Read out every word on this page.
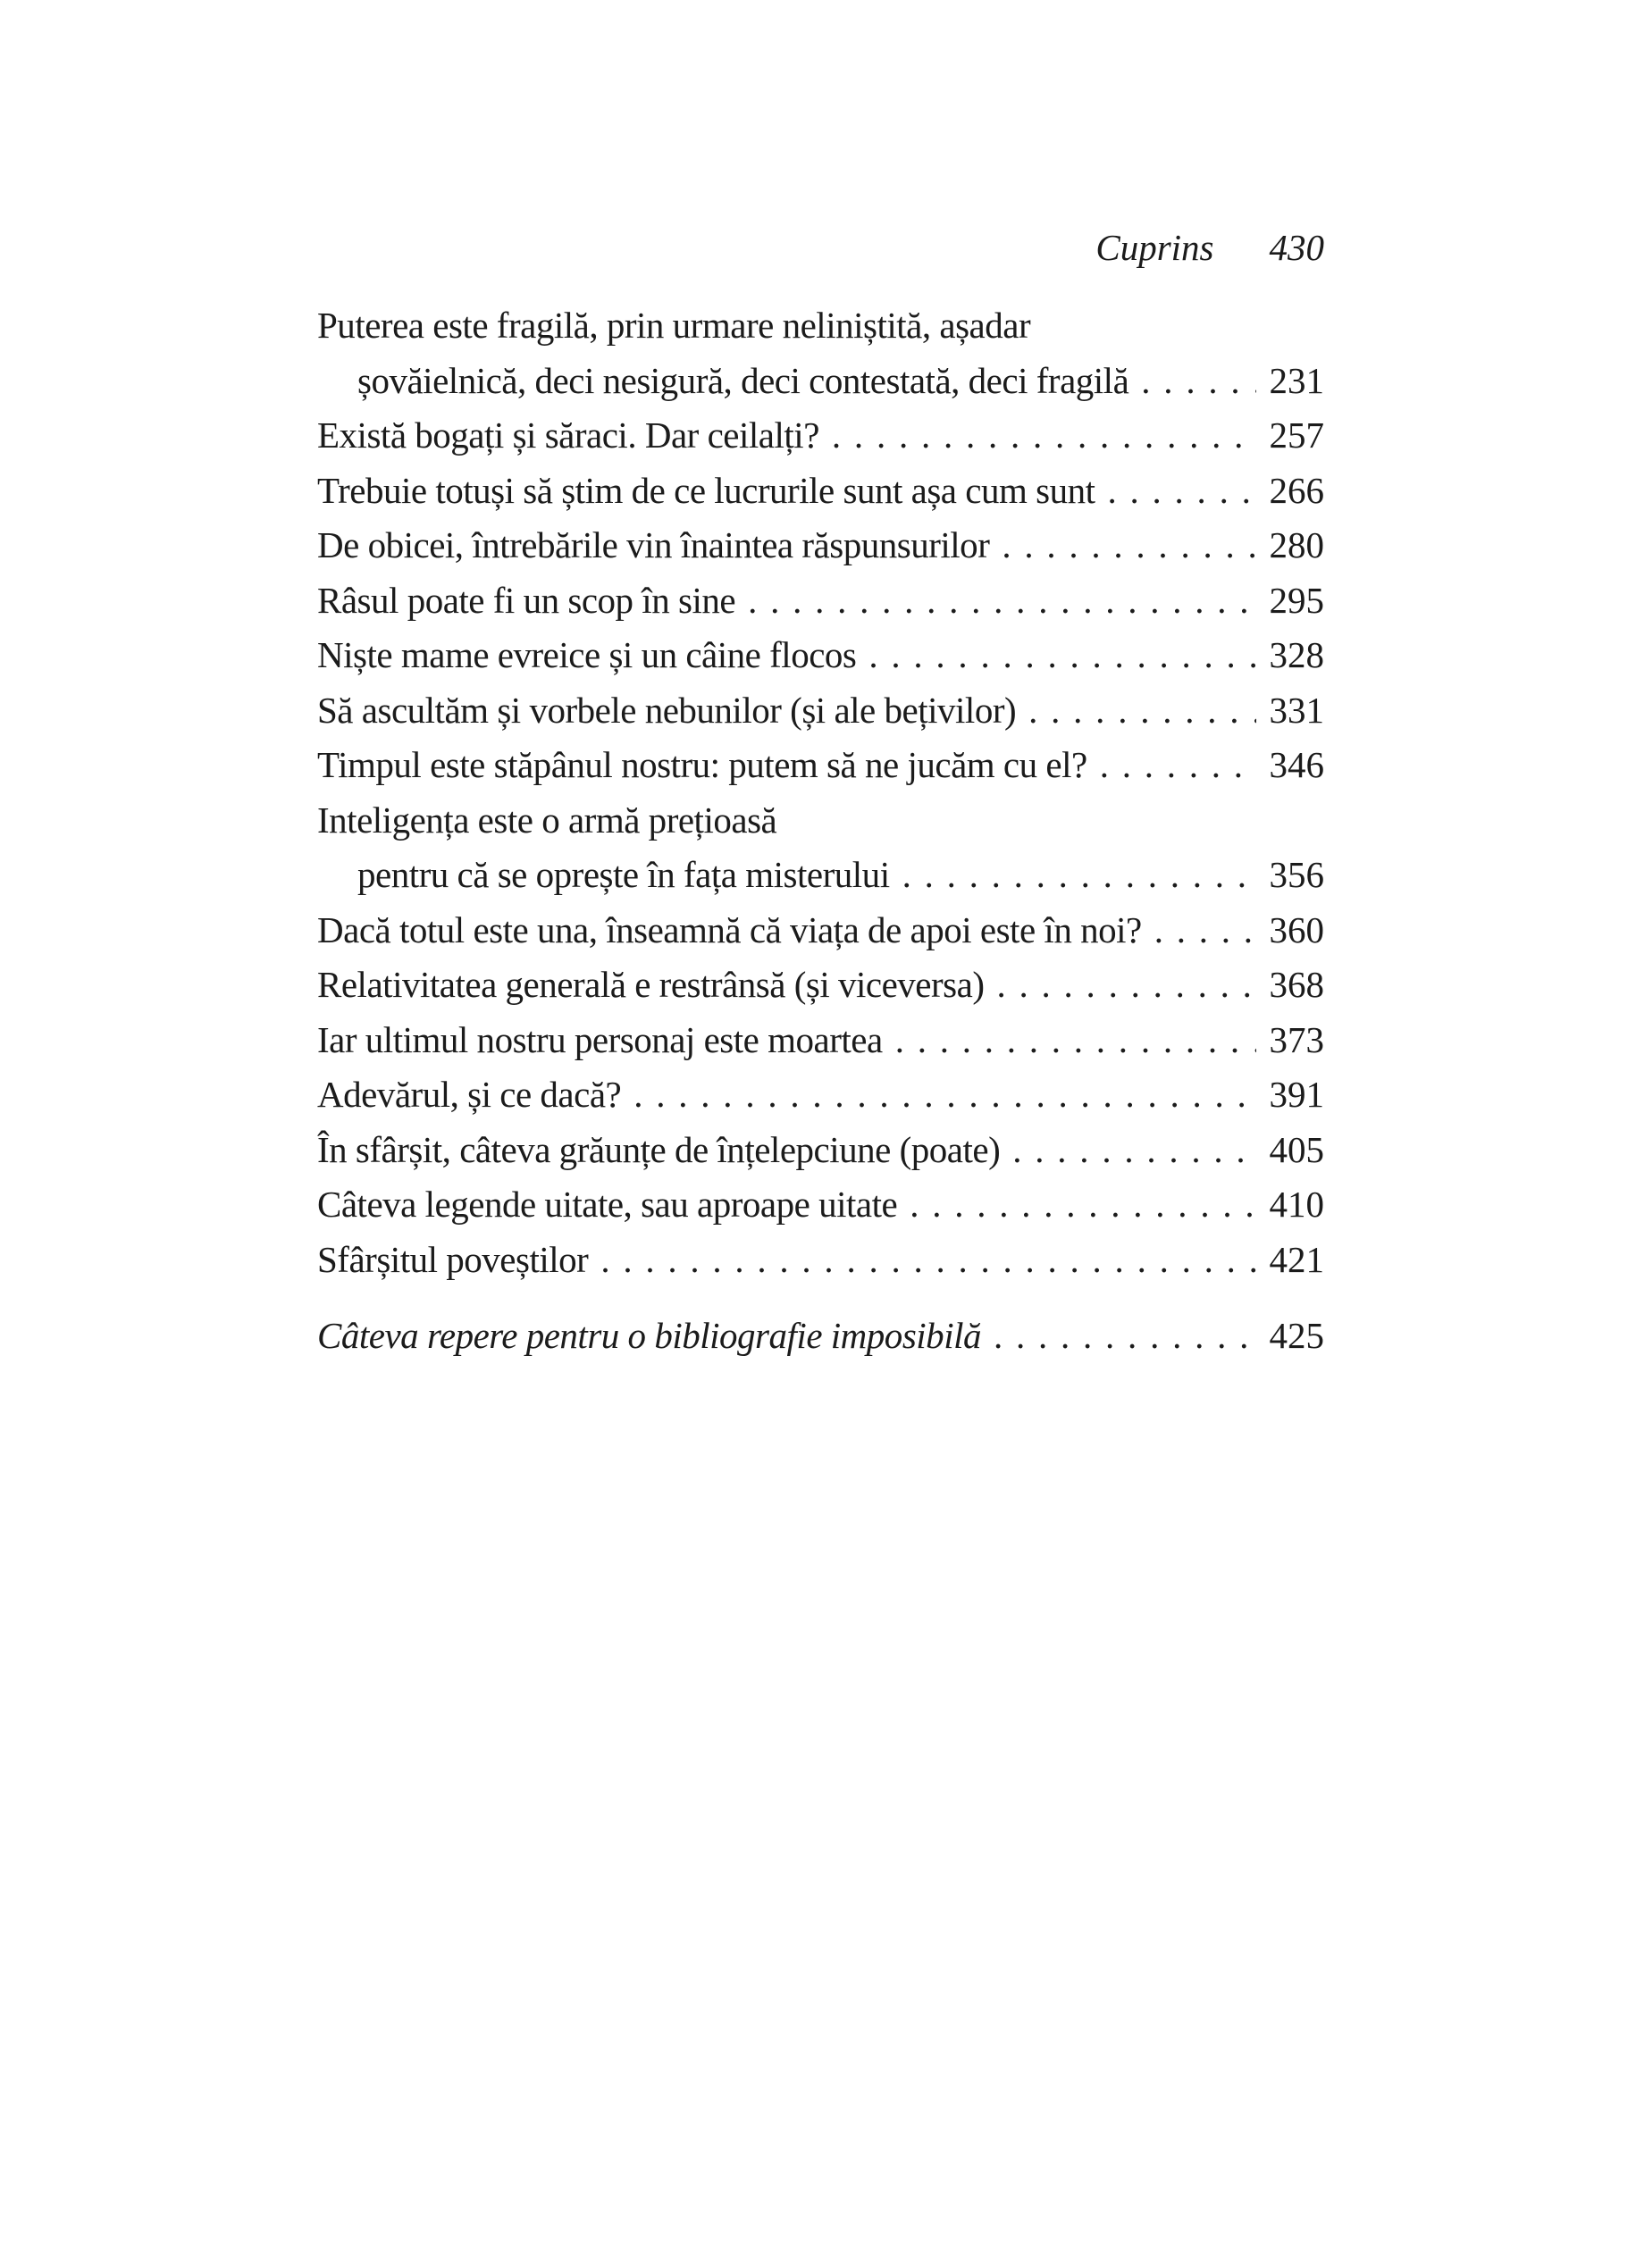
Cuprins 430
Puterea este fragilă, prin urmare neliniștită, așadar
șovăielnică, deci nesigură, deci contestată, deci fragilă .....	231
Există bogați și săraci. Dar ceilalți? .....	257
Trebuie totuși să știm de ce lucrurile sunt așa cum sunt .....	266
De obicei, întrebările vin înaintea răspunsurilor .....	280
Râsul poate fi un scop în sine .....	295
Niște mame evreice și un câine flocos .....	328
Să ascultăm și vorbele nebunilor (și ale bețivilor) .....	331
Timpul este stăpânul nostru: putem să ne jucăm cu el? .....	346
Inteligența este o armă prețioasă
pentru că se oprește în fața misterului .....	356
Dacă totul este una, înseamnă că viața de apoi este în noi? .....	360
Relativitatea generală e restrânsă (și viceversa) .....	368
Iar ultimul nostru personaj este moartea .....	373
Adevărul, și ce dacă? .....	391
În sfârșit, câteva grăunțe de înțelepciune (poate) .....	405
Câteva legende uitate, sau aproape uitate .....	410
Sfârșitul poveștilor .....	421
Câteva repere pentru o bibliografie imposibilă .....	425
